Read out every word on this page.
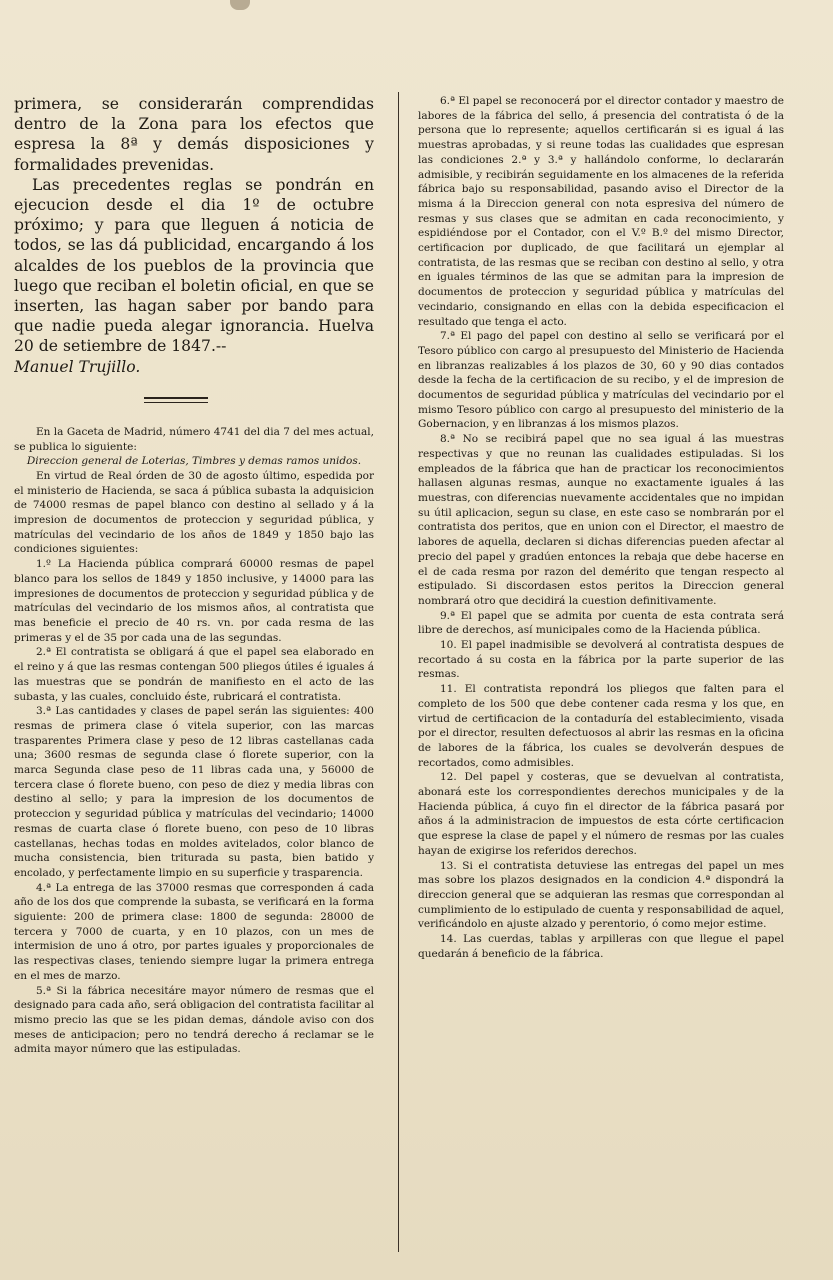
primera, se considerarán comprendidas dentro de la Zona para los efectos que espresa la 8ª y demás disposiciones y formalidades prevenidas.

Las precedentes reglas se pondrán en ejecucion desde el dia 1º de octubre próximo; y para que lleguen á noticia de todos, se las dá publicidad, encargando á los alcaldes de los pueblos de la provincia que luego que reciban el boletin oficial, en que se inserten, las hagan saber por bando para que nadie pueda alegar ignorancia. Huelva 20 de setiembre de 1847.--

Manuel Trujillo.

En la Gaceta de Madrid, número 4741 del dia 7 del mes actual, se publica lo siguiente:

Direccion general de Loterias, Timbres y demas ramos unidos.

En virtud de Real órden de 30 de agosto último, espedida por el ministerio de Hacienda, se saca á pública subasta la adquisicion de 74000 resmas de papel blanco con destino al sellado y á la impresion de documentos de proteccion y seguridad pública, y matrículas del vecindario de los años de 1849 y 1850 bajo las condiciones siguientes:

1.º La Hacienda pública comprará 60000 resmas de papel blanco para los sellos de 1849 y 1850 inclusive, y 14000 para las impresiones de documentos de proteccion y seguridad pública y de matrículas del vecindario de los mismos años, al contratista que mas beneficie el precio de 40 rs. vn. por cada resma de las primeras y el de 35 por cada una de las segundas.

2.ª El contratista se obligará á que el papel sea elaborado en el reino y á que las resmas contengan 500 pliegos útiles é iguales á las muestras que se pondrán de manifiesto en el acto de las subasta, y las cuales, concluido éste, rubricará el contratista.

3.ª Las cantidades y clases de papel serán las siguientes: 400 resmas de primera clase ó vitela superior, con las marcas trasparentes Primera clase y peso de 12 libras castellanas cada una; 3600 resmas de segunda clase ó florete superior, con la marca Segunda clase peso de 11 libras cada una, y 56000 de tercera clase ó florete bueno, con peso de diez y media libras con destino al sello; y para la impresion de los documentos de proteccion y seguridad pública y matrículas del vecindario; 14000 resmas de cuarta clase ó florete bueno, con peso de 10 libras castellanas, hechas todas en moldes avitelados, color blanco de mucha consistencia, bien triturada su pasta, bien batido y encolado, y perfectamente limpio en su superficie y trasparencia.

4.ª La entrega de las 37000 resmas que corresponden á cada año de los dos que comprende la subasta, se verificará en la forma siguiente: 200 de primera clase: 1800 de segunda: 28000 de tercera y 7000 de cuarta, y en 10 plazos, con un mes de intermision de uno á otro, por partes iguales y proporcionales de las respectivas clases, teniendo siempre lugar la primera entrega en el mes de marzo.

5.ª Si la fábrica necesitáre mayor número de resmas que el designado para cada año, será obligacion del contratista facilitar al mismo precio las que se les pidan demas, dándole aviso con dos meses de anticipacion; pero no tendrá derecho á reclamar se le admita mayor número que las estipuladas.

6.ª El papel se reconocerá por el director contador y maestro de labores de la fábrica del sello, á presencia del contratista ó de la persona que lo represente; aquellos certificarán si es igual á las muestras aprobadas, y si reune todas las cualidades que espresan las condiciones 2.ª y 3.ª y hallándolo conforme, lo declararán admisible, y recibirán seguidamente en los almacenes de la referida fábrica bajo su responsabilidad, pasando aviso el Director de la misma á la Direccion general con nota espresiva del número de resmas y sus clases que se admitan en cada reconocimiento, y espidiéndose por el Contador, con el V.º B.º del mismo Director, certificacion por duplicado, de que facilitará un ejemplar al contratista, de las resmas que se reciban con destino al sello, y otra en iguales términos de las que se admitan para la impresion de documentos de proteccion y seguridad pública y matrículas del vecindario, consignando en ellas con la debida especificacion el resultado que tenga el acto.

7.ª El pago del papel con destino al sello se verificará por el Tesoro público con cargo al presupuesto del Ministerio de Hacienda en libranzas realizables á los plazos de 30, 60 y 90 dias contados desde la fecha de la certificacion de su recibo, y el de impresion de documentos de seguridad pública y matrículas del vecindario por el mismo Tesoro público con cargo al presupuesto del ministerio de la Gobernacion, y en libranzas á los mismos plazos.

8.ª No se recibirá papel que no sea igual á las muestras respectivas y que no reunan las cualidades estipuladas. Si los empleados de la fábrica que han de practicar los reconocimientos hallasen algunas resmas, aunque no exactamente iguales á las muestras, con diferencias nuevamente accidentales que no impidan su útil aplicacion, segun su clase, en este caso se nombrarán por el contratista dos peritos, que en union con el Director, el maestro de labores de aquella, declaren si dichas diferencias pueden afectar al precio del papel y gradúen entonces la rebaja que debe hacerse en el de cada resma por razon del demérito que tengan respecto al estipulado. Si discordasen estos peritos la Direccion general nombrará otro que decidirá la cuestion definitivamente.

9.ª El papel que se admita por cuenta de esta contrata será libre de derechos, así municipales como de la Hacienda pública.

10. El papel inadmisible se devolverá al contratista despues de recortado á su costa en la fábrica por la parte superior de las resmas.

11. El contratista repondrá los pliegos que falten para el completo de los 500 que debe contener cada resma y los que, en virtud de certificacion de la contaduría del establecimiento, visada por el director, resulten defectuosos al abrir las resmas en la oficina de labores de la fábrica, los cuales se devolverán despues de recortados, como admisibles.

12. Del papel y costeras, que se devuelvan al contratista, abonará este los correspondientes derechos municipales y de la Hacienda pública, á cuyo fin el director de la fábrica pasará por años á la administracion de impuestos de esta córte certificacion que esprese la clase de papel y el número de resmas por las cuales hayan de exigirse los referidos derechos.

13. Si el contratista detuviese las entregas del papel un mes mas sobre los plazos designados en la condicion 4.ª dispondrá la direccion general que se adquieran las resmas que correspondan al cumplimiento de lo estipulado de cuenta y responsabilidad de aquel, verificándolo en ajuste alzado y perentorio, ó como mejor estime.

14. Las cuerdas, tablas y arpilleras con que llegue el papel quedarán á beneficio de la fábrica.
